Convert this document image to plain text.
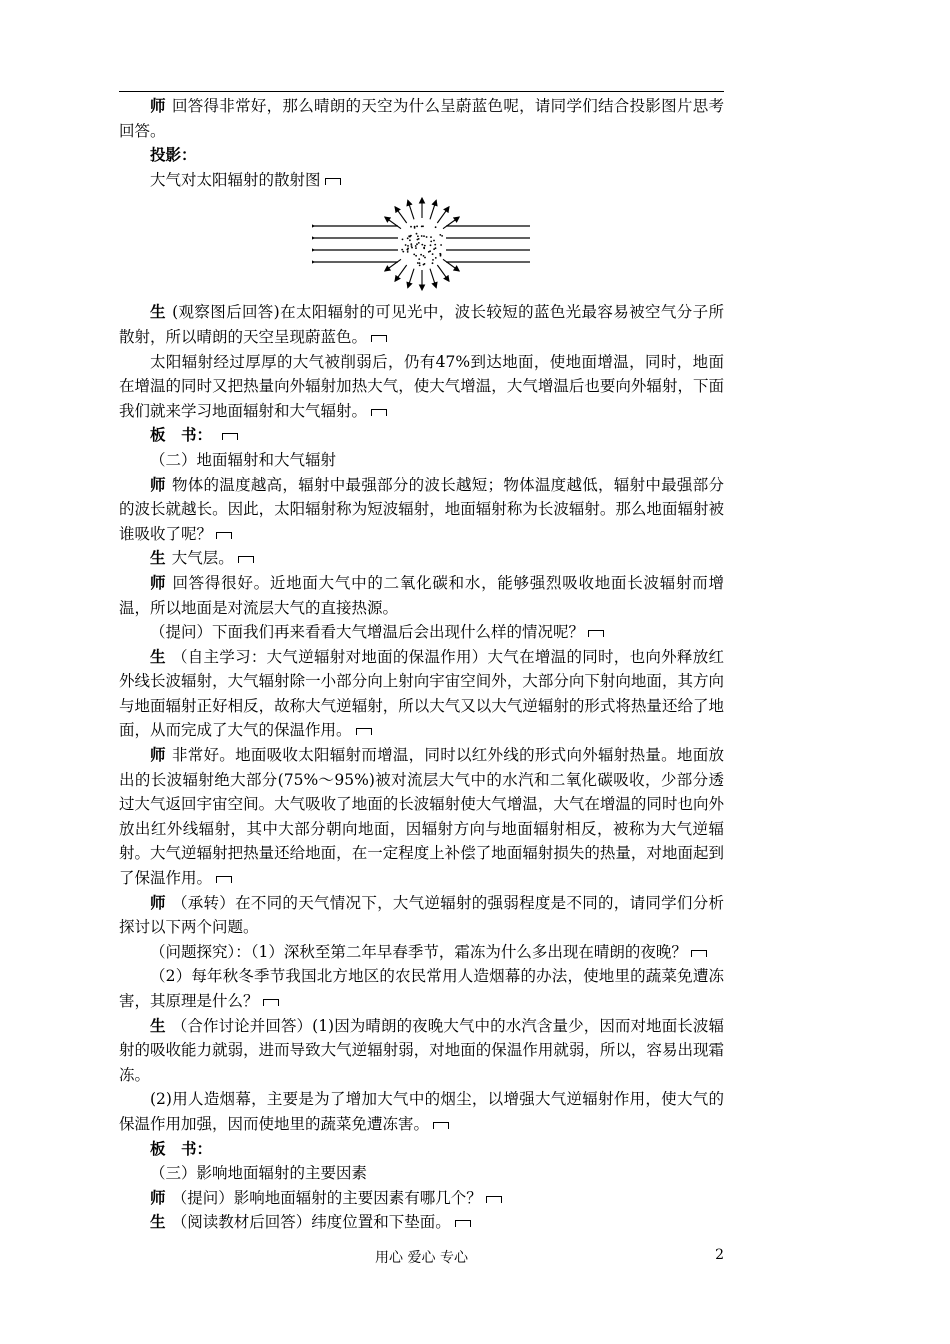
师 回答得非常好，那么晴朗的天空为什么呈蔚蓝色呢，请同学们结合投影图片思考回答。

投影：

大气对太阳辐射的散射图

生 (观察图后回答)在太阳辐射的可见光中，波长较短的蓝色光最容易被空气分子所散射，所以晴朗的天空呈现蔚蓝色。

太阳辐射经过厚厚的大气被削弱后，仍有47%到达地面，使地面增温，同时，地面在增温的同时又把热量向外辐射加热大气，使大气增温，大气增温后也要向外辐射，下面我们就来学习地面辐射和大气辐射。

板　书：

（二）地面辐射和大气辐射

师 物体的温度越高，辐射中最强部分的波长越短；物体温度越低，辐射中最强部分的波长就越长。因此，太阳辐射称为短波辐射，地面辐射称为长波辐射。那么地面辐射被谁吸收了呢？

生 大气层。

师 回答得很好。近地面大气中的二氧化碳和水，能够强烈吸收地面长波辐射而增温，所以地面是对流层大气的直接热源。

（提问）下面我们再来看看大气增温后会出现什么样的情况呢？

生 （自主学习：大气逆辐射对地面的保温作用）大气在增温的同时，也向外释放红外线长波辐射，大气辐射除一小部分向上射向宇宙空间外，大部分向下射向地面，其方向与地面辐射正好相反，故称大气逆辐射，所以大气又以大气逆辐射的形式将热量还给了地面，从而完成了大气的保温作用。

师 非常好。地面吸收太阳辐射而增温，同时以红外线的形式向外辐射热量。地面放出的长波辐射绝大部分(75%～95%)被对流层大气中的水汽和二氧化碳吸收，少部分透过大气返回宇宙空间。大气吸收了地面的长波辐射使大气增温，大气在增温的同时也向外放出红外线辐射，其中大部分朝向地面，因辐射方向与地面辐射相反，被称为大气逆辐射。大气逆辐射把热量还给地面，在一定程度上补偿了地面辐射损失的热量，对地面起到了保温作用。

师 （承转）在不同的天气情况下，大气逆辐射的强弱程度是不同的，请同学们分析探讨以下两个问题。

（问题探究）：（1）深秋至第二年早春季节，霜冻为什么多出现在晴朗的夜晚？

（2）每年秋冬季节我国北方地区的农民常用人造烟幕的办法，使地里的蔬菜免遭冻害，其原理是什么？

生 （合作讨论并回答）(1)因为晴朗的夜晚大气中的水汽含量少，因而对地面长波辐射的吸收能力就弱，进而导致大气逆辐射弱，对地面的保温作用就弱，所以，容易出现霜冻。

(2)用人造烟幕，主要是为了增加大气中的烟尘，以增强大气逆辐射作用，使大气的保温作用加强，因而使地里的蔬菜免遭冻害。

板　书：

（三）影响地面辐射的主要因素

师 （提问）影响地面辐射的主要因素有哪几个？

生 （阅读教材后回答）纬度位置和下垫面。

用心 爱心 专心	2
